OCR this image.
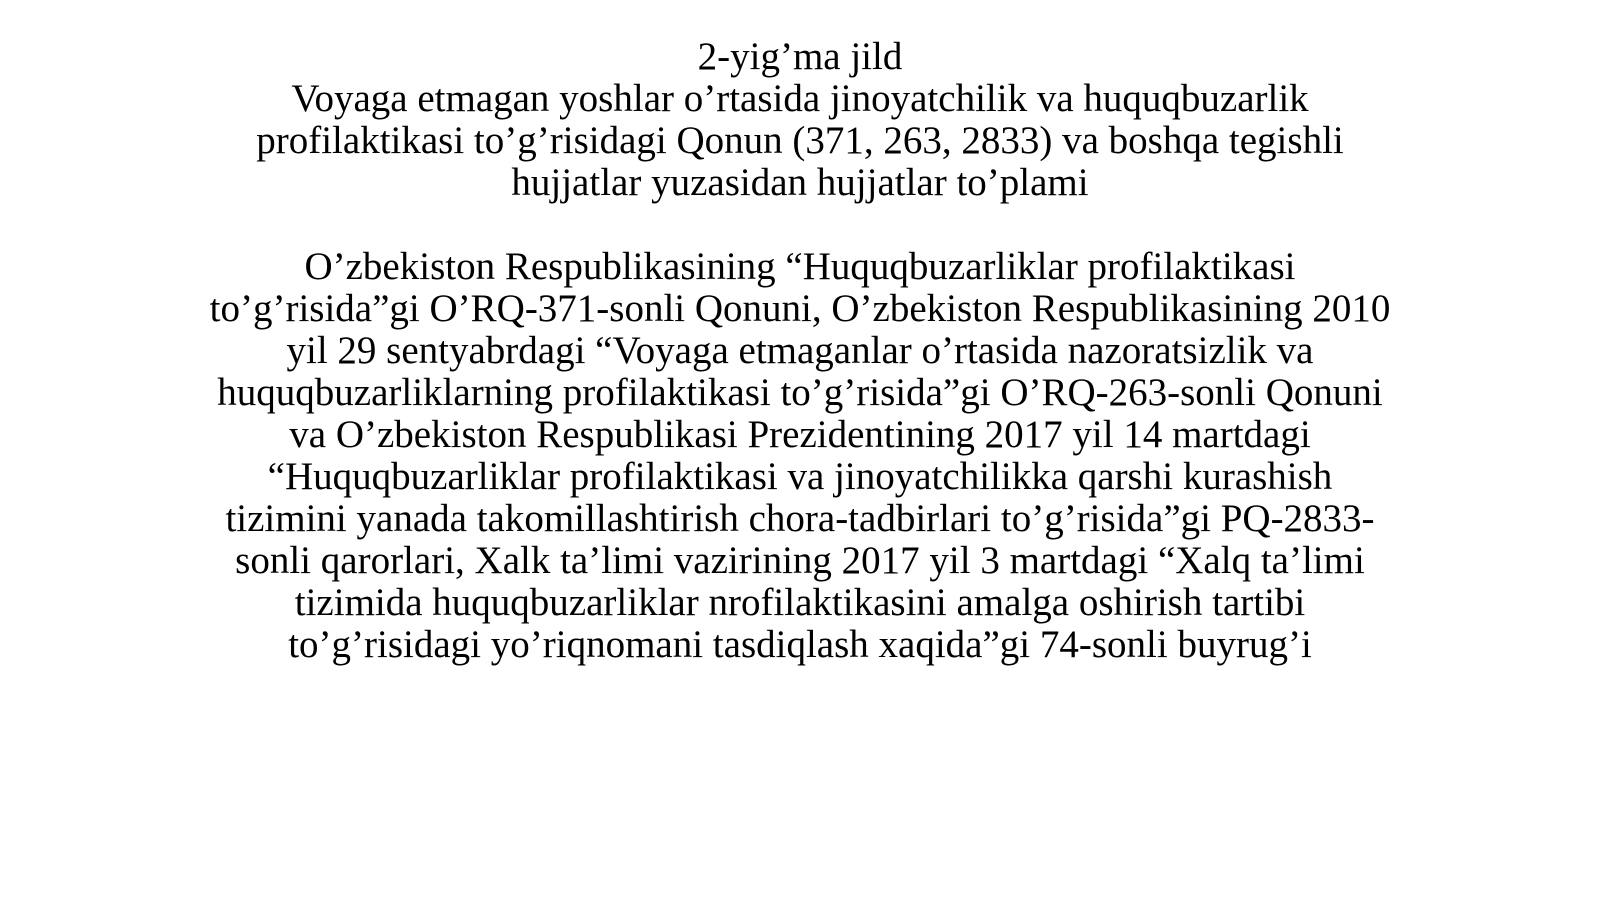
2-yig’ma jild
Voyaga etmagan yoshlar o’rtasida jinoyatchilik va huquqbuzarlik
profilaktikasi to’g’risidagi Qonun (371, 263, 2833) va boshqa tegishli
hujjatlar yuzasidan hujjatlar to’plami
O’zbekiston Respublikasining “Huquqbuzarliklar profilaktikasi
to’g’risida”gi O’RQ-371-sonli Qonuni, O’zbekiston Respublikasining 2010
yil 29 sentyabrdagi “Voyaga etmaganlar o’rtasida nazoratsizlik va
huquqbuzarliklarning profilaktikasi to’g’risida”gi O’RQ-263-sonli Qonuni
va O’zbekiston Respublikasi Prezidentining 2017 yil 14 martdagi
“Huquqbuzarliklar profilaktikasi va jinoyatchilikka qarshi kurashish
tizimini yanada takomillashtirish chora-tadbirlari to’g’risida”gi PQ-2833-
sonli qarorlari, Xalk ta’limi vazirining 2017 yil 3 martdagi “Xalq ta’limi
tizimida huquqbuzarliklar nrofilaktikasini amalga oshirish tartibi
to’g’risidagi yo’riqnomani tasdiqlash xaqida”gi 74-sonli buyrug’i
